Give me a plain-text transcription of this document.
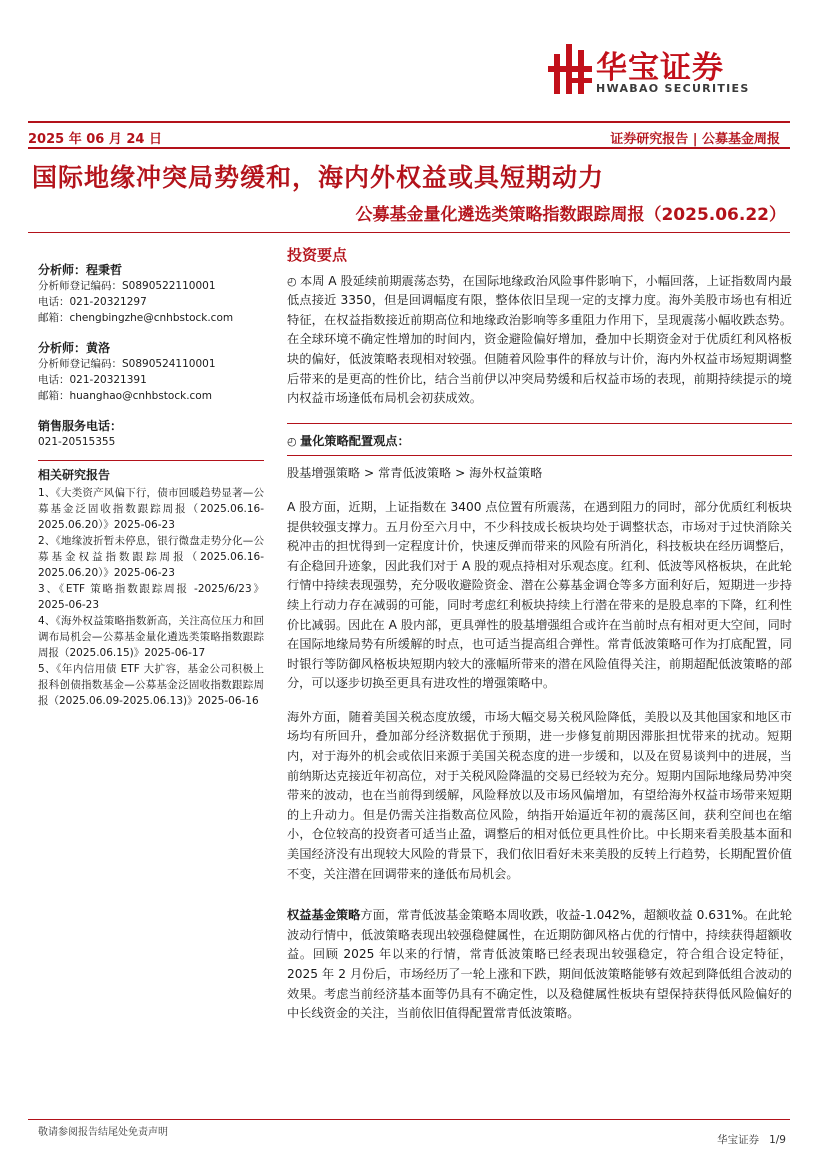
华宝证券
HWABAO SECURITIES
2025 年 06 月 24 日	证券研究报告 | 公募基金周报
国际地缘冲突局势缓和，海内外权益或具短期动力
公募基金量化遴选类策略指数跟踪周报（2025.06.22）
分析师：程秉哲
分析师登记编码：S0890522110001
电话：021-20321297
邮箱：chengbingzhe@cnhbstock.com
分析师：黄洛
分析师登记编码：S0890524110001
电话：021-20321391
邮箱：huanghao@cnhbstock.com
销售服务电话：
021-20515355
相关研究报告
1、《大类资产风偏下行，债市回暖趋势显著—公募基金泛固收指数跟踪周报（2025.06.16-2025.06.20）》2025-06-23
2、《地缘波折暂未停息，银行微盘走势分化—公募基金权益指数跟踪周报（2025.06.16-2025.06.20）》2025-06-23
3、《ETF 策略指数跟踪周报 -2025/6/23》2025-06-23
4、《海外权益策略指数新高，关注高位压力和回调布局机会—公募基金量化遴选类策略指数跟踪周报（2025.06.15)》2025-06-17
5、《年内信用债 ETF 大扩容，基金公司积极上报科创债指数基金—公募基金泛固收指数跟踪周报（2025.06.09-2025.06.13)》2025-06-16
投资要点

◴ 本周 A 股延续前期震荡态势，在国际地缘政治风险事件影响下，小幅回落，上证指数周内最低点接近 3350，但是回调幅度有限，整体依旧呈现一定的支撑力度。海外美股市场也有相近特征，在权益指数接近前期高位和地缘政治影响等多重阻力作用下，呈现震荡小幅收跌态势。在全球环境不确定性增加的时间内，资金避险偏好增加，叠加中长期资金对于优质红利风格板块的偏好，低波策略表现相对较强。但随着风险事件的释放与计价，海内外权益市场短期调整后带来的是更高的性价比，结合当前伊以冲突局势缓和后权益市场的表现，前期持续提示的境内权益市场逢低布局机会初获成效。

◴ 量化策略配置观点：
股基增强策略 > 常青低波策略 > 海外权益策略

A 股方面，近期，上证指数在 3400 点位置有所震荡，在遇到阻力的同时，部分优质红利板块提供较强支撑力。五月份至六月中，不少科技成长板块均处于调整状态，市场对于过快消除关税冲击的担忧得到一定程度计价，快速反弹而带来的风险有所消化，科技板块在经历调整后，有企稳回升迹象，因此我们对于 A 股的观点持相对乐观态度。红利、低波等风格板块，在此轮行情中持续表现强势，充分吸收避险资金、潜在公募基金调仓等多方面利好后，短期进一步持续上行动力存在减弱的可能，同时考虑红利板块持续上行潜在带来的是股息率的下降，红利性价比减弱。因此在 A 股内部，更具弹性的股基增强组合或许在当前时点有相对更大空间，同时在国际地缘局势有所缓解的时点，也可适当提高组合弹性。常青低波策略可作为打底配置，同时银行等防御风格板块短期内较大的涨幅所带来的潜在风险值得关注，前期超配低波策略的部分，可以逐步切换至更具有进攻性的增强策略中。

海外方面，随着美国关税态度放缓，市场大幅交易关税风险降低，美股以及其他国家和地区市场均有所回升，叠加部分经济数据优于预期，进一步修复前期因滞胀担忧带来的扰动。短期内，对于海外的机会或依旧来源于美国关税态度的进一步缓和，以及在贸易谈判中的进展，当前纳斯达克接近年初高位，对于关税风险降温的交易已经较为充分。短期内国际地缘局势冲突带来的波动，也在当前得到缓解，风险释放以及市场风偏增加，有望给海外权益市场带来短期的上升动力。但是仍需关注指数高位风险，纳指开始逼近年初的震荡区间，获利空间也在缩小，仓位较高的投资者可适当止盈，调整后的相对低位更具性价比。中长期来看美股基本面和美国经济没有出现较大风险的背景下，我们依旧看好未来美股的反转上行趋势，长期配置价值不变，关注潜在回调带来的逢低布局机会。

权益基金策略方面，常青低波基金策略本周收跌，收益-1.042%，超额收益 0.631%。在此轮波动行情中，低波策略表现出较强稳健属性，在近期防御风格占优的行情中，持续获得超额收益。回顾 2025 年以来的行情，常青低波策略已经表现出较强稳定，符合组合设定特征，2025 年 2 月份后，市场经历了一轮上涨和下跌，期间低波策略能够有效起到降低组合波动的效果。考虑当前经济基本面等仍具有不确定性，以及稳健属性板块有望保持获得低风险偏好的中长线资金的关注，当前依旧值得配置常青低波策略。

敬请参阅报告结尾处免责声明
华宝证券 1/9
